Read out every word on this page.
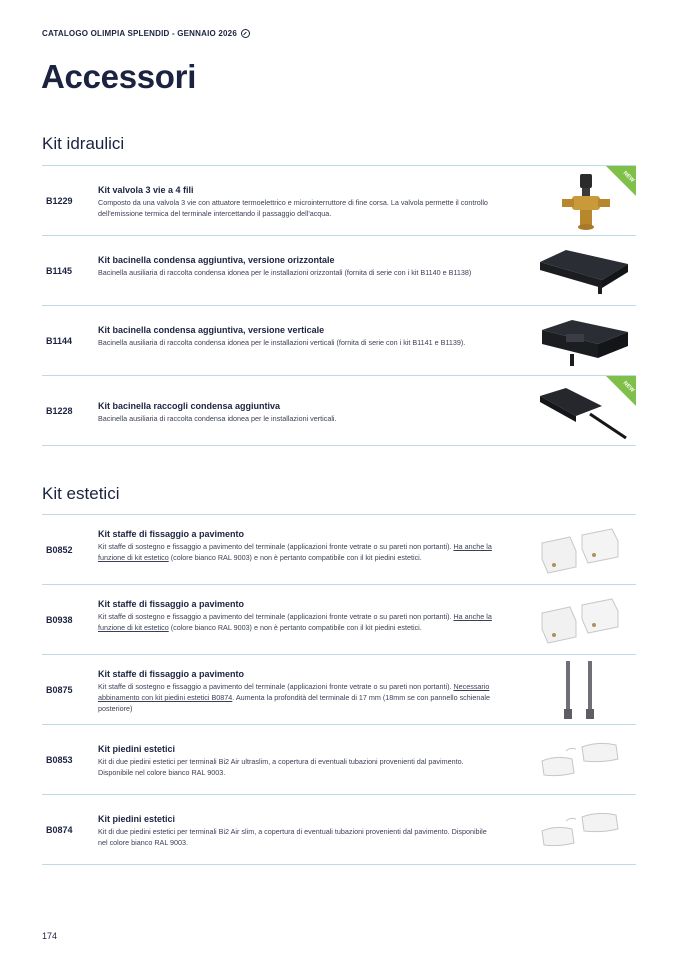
CATALOGO OLIMPIA SPLENDID - GENNAIO 2026
Accessori
Kit idraulici
B1229
Kit valvola 3 vie a 4 fili
Composto da una valvola 3 vie con attuatore termoelettrico e microinterruttore di fine corsa. La valvola permette il controllo dell'emissione termica del terminale intercettando il passaggio dell'acqua.
NEW
B1145
Kit bacinella condensa aggiuntiva, versione orizzontale
Bacinella ausiliaria di raccolta condensa idonea per le installazioni orizzontali (fornita di serie con i kit B1140 e B1138)
B1144
Kit bacinella condensa aggiuntiva, versione verticale
Bacinella ausiliaria di raccolta condensa idonea per le installazioni verticali (fornita di serie con i kit B1141 e B1139).
B1228	Kit bacinella raccogli condensa aggiuntiva
Bacinella ausiliaria di raccolta condensa idonea per le installazioni verticali.
NEW
Kit estetici
B0852
Kit staffe di fissaggio a pavimento
Kit staffe di sostegno e fissaggio a pavimento del terminale (applicazioni fronte vetrate o su pareti non portanti). Ha anche la funzione di kit estetico (colore bianco RAL 9003) e non è pertanto compatibile con il kit piedini estetici.
B0938
Kit staffe di fissaggio a pavimento
Kit staffe di sostegno e fissaggio a pavimento del terminale (applicazioni fronte vetrate o su pareti non portanti). Ha anche la funzione di kit estetico (colore bianco RAL 9003) e non è pertanto compatibile con il kit piedini estetici.
B0875
Kit staffe di fissaggio a pavimento
Kit staffe di sostegno e fissaggio a pavimento del terminale (applicazioni fronte vetrate o su pareti non portanti). Necessario abbinamento con kit piedini estetici B0874. Aumenta la profondità del terminale di 17 mm (18mm se con pannello schienale posteriore)
B0853
Kit piedini estetici
Kit di due piedini estetici per terminali Bi2 Air ultraslim, a copertura di eventuali tubazioni provenienti dal pavimento. Disponibile nel colore bianco RAL 9003.
B0874
Kit piedini estetici
Kit di due piedini estetici per terminali Bi2 Air slim, a copertura di eventuali tubazioni provenienti dal pavimento. Disponibile nel colore bianco RAL 9003.
174
